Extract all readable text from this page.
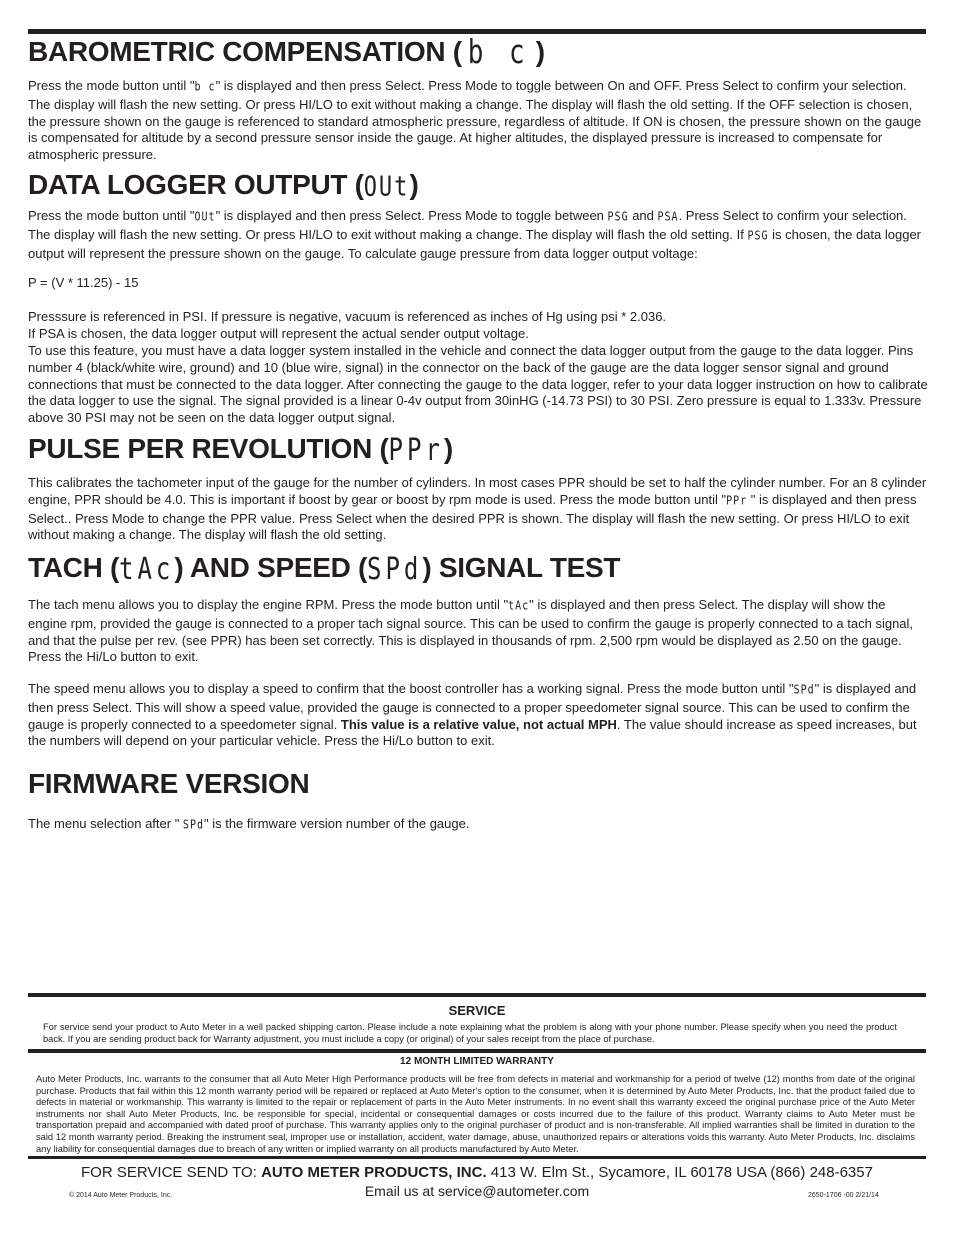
BAROMETRIC COMPENSATION ( b c )

Press the mode button until "b c" is displayed and then press Select. Press Mode to toggle between On and OFF. Press Select to confirm your selection. The display will flash the new setting. Or press HI/LO to exit without making a change. The display will flash the old setting. If the OFF selection is chosen, the pressure shown on the gauge is referenced to standard atmospheric pressure, regardless of altitude. If ON is chosen, the pressure shown on the gauge is compensated for altitude by a second pressure sensor inside the gauge. At higher altitudes, the displayed pressure is increased to compensate for atmospheric pressure.

DATA LOGGER OUTPUT (OUt)

Press the mode button until "OUt" is displayed and then press Select. Press Mode to toggle between PSG and PSA. Press Select to confirm your selection. The display will flash the new setting. Or press HI/LO to exit without making a change. The display will flash the old setting. If PSG is chosen, the data logger output will represent the pressure shown on the gauge. To calculate gauge pressure from data logger output voltage:

P = (V * 11.25) - 15

Presssure is referenced in PSI. If pressure is negative, vacuum is referenced as inches of Hg using psi * 2.036.

If PSA is chosen, the data logger output will represent the actual sender output voltage.

To use this feature, you must have a data logger system installed in the vehicle and connect the data logger output from the gauge to the data logger. Pins number 4 (black/white wire, ground) and 10 (blue wire, signal) in the connector on the back of the gauge are the data logger sensor signal and ground connections that must be connected to the data logger. After connecting the gauge to the data logger, refer to your data logger instruction on how to calibrate the data logger to use the signal. The signal provided is a linear 0-4v output from 30inHG (-14.73 PSI) to 30 PSI. Zero pressure is equal to 1.333v. Pressure above 30 PSI may not be seen on the data logger output signal.

PULSE PER REVOLUTION (PPr)

This calibrates the tachometer input of the gauge for the number of cylinders. In most cases PPR should be set to half the cylinder number. For an 8 cylinder engine, PPR should be 4.0. This is important if boost by gear or boost by rpm mode is used. Press the mode button until "PPr " is displayed and then press Select.. Press Mode to change the PPR value. Press Select when the desired PPR is shown. The display will flash the new setting. Or press HI/LO to exit without making a change. The display will flash the old setting.

TACH (tAc) AND SPEED (SPd) SIGNAL TEST

The tach menu allows you to display the engine RPM. Press the mode button until "tAc" is displayed and then press Select. The display will show the engine rpm, provided the gauge is connected to a proper tach signal source. This can be used to confirm the gauge is properly connected to a tach signal, and that the pulse per rev. (see PPR) has been set correctly. This is displayed in thousands of rpm. 2,500 rpm would be displayed as 2.50 on the gauge. Press the Hi/Lo button to exit.

The speed menu allows you to display a speed to confirm that the boost controller has a working signal. Press the mode button until "SPd" is displayed and then press Select. This will show a speed value, provided the gauge is connected to a proper speedometer signal source. This can be used to confirm the gauge is properly connected to a speedometer signal. This value is a relative value, not actual MPH. The value should increase as speed increases, but the numbers will depend on your particular vehicle. Press the Hi/Lo button to exit.

FIRMWARE VERSION

The menu selection after " SPd" is the firmware version number of the gauge.

SERVICE

For service send your product to Auto Meter in a well packed shipping carton. Please include a note explaining what the problem is along with your phone number. Please specify when you need the product back. If you are sending product back for Warranty adjustment, you must include a copy (or original) of your sales receipt from the place of purchase.

12 MONTH LIMITED WARRANTY

Auto Meter Products, Inc. warrants to the consumer that all Auto Meter High Performance products will be free from defects in material and workmanship for a period of twelve (12) months from date of the original purchase. Products that fail within this 12 month warranty period will be repaired or replaced at Auto Meter's option to the consumer, when it is determined by Auto Meter Products, Inc. that the product failed due to defects in material or workmanship. This warranty is limited to the repair or replacement of parts in the Auto Meter instruments. In no event shall this warranty exceed the original purchase price of the Auto Meter instruments nor shall Auto Meter Products, Inc. be responsible for special, incidental or consequential damages or costs incurred due to the failure of this product. Warranty claims to Auto Meter must be transportation prepaid and accompanied with dated proof of purchase. This warranty applies only to the original purchaser of product and is non-transferable. All implied warranties shall be limited in duration to the said 12 month warranty period. Breaking the instrument seal, improper use or installation, accident, water damage, abuse, unauthorized repairs or alterations voids this warranty. Auto Meter Products, Inc. disclaims any liability for consequential damages due to breach of any written or implied warranty on all products manufactured by Auto Meter.

FOR SERVICE SEND TO: AUTO METER PRODUCTS, INC. 413 W. Elm St., Sycamore, IL 60178 USA (866) 248-6357
Email us at service@autometer.com
© 2014 Auto Meter Products, Inc.	2650-1706 -00 2/21/14
